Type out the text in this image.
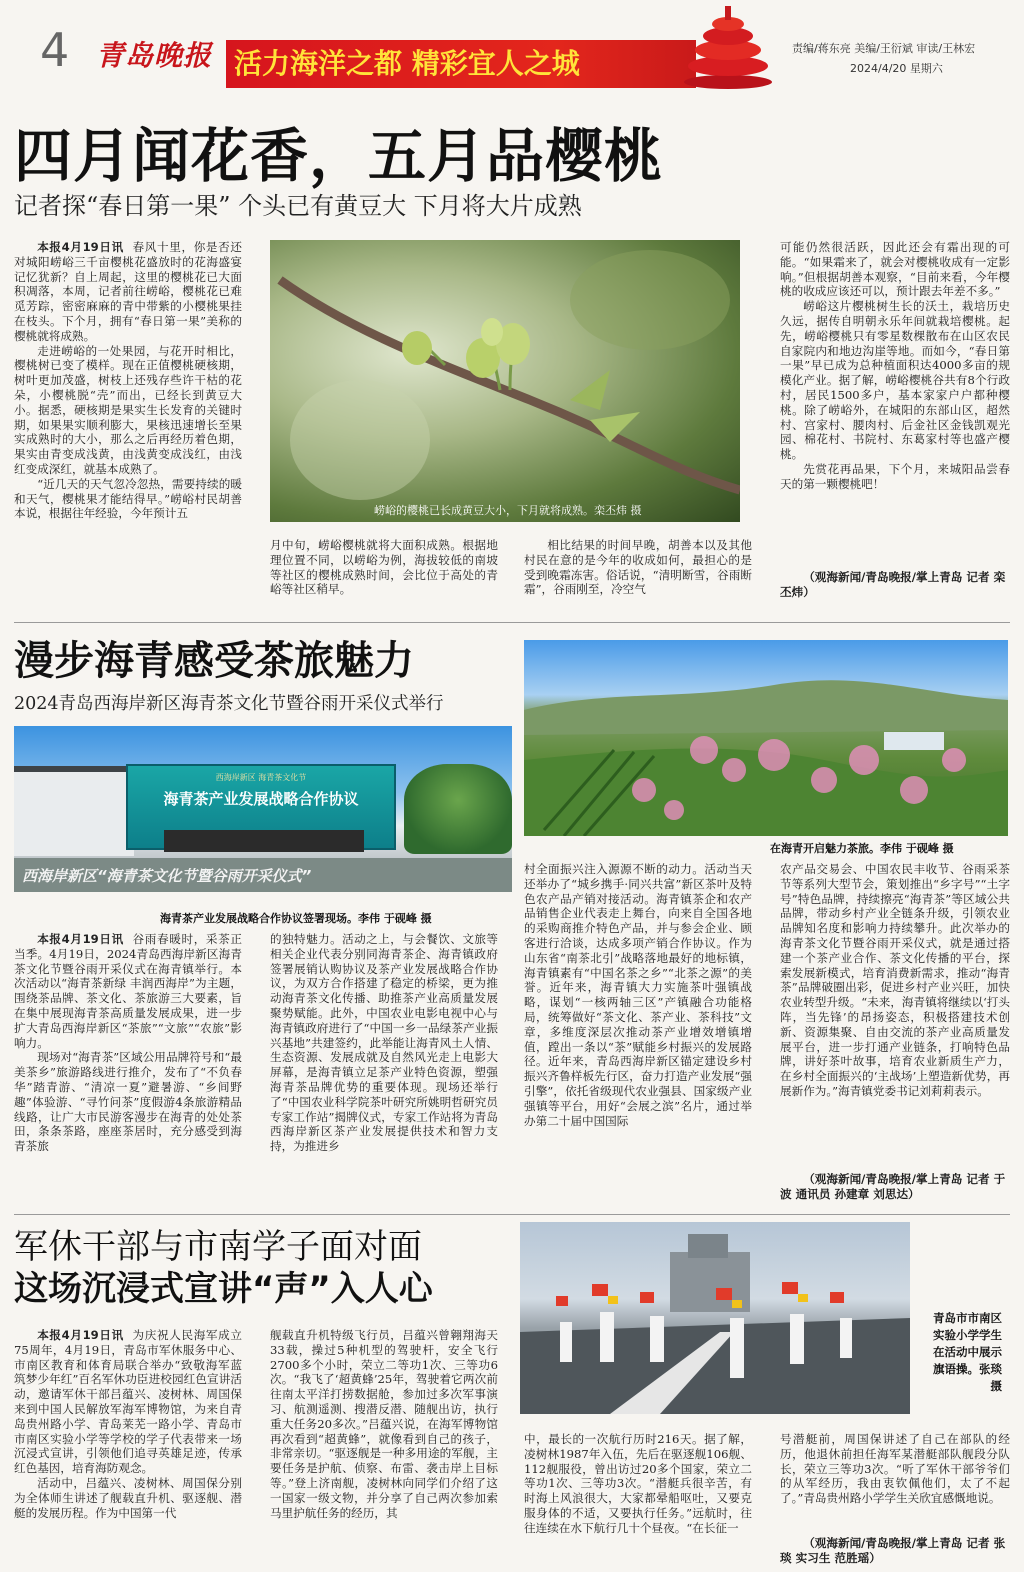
4 青岛晚报 活力海洋之都 精彩宜人之城	责编/蒋东亮 美编/王衍斌 审读/王林宏
2024/4/20 星期六
四月闻花香，五月品樱桃
记者探“春日第一果” 个头已有黄豆大 下月将大片成熟

本报4月19日讯 春风十里，你是否还对城阳崂峪三千亩樱桃花盛放时的花海盛宴记忆犹新？自上周起，这里的樱桃花已大面积凋落，本周，记者前往崂峪，樱桃花已难觅芳踪，密密麻麻的青中带紫的小樱桃果挂在枝头。下个月，拥有“春日第一果”美称的樱桃就将成熟。

走进崂峪的一处果园，与花开时相比，樱桃树已变了模样。现在正值樱桃硬核期，树叶更加茂盛，树枝上还残存些许干枯的花朵，小樱桃脱“壳”而出，已经长到黄豆大小。据悉，硬核期是果实生长发育的关键时期，如果果实顺利膨大，果核迅速增长至果实成熟时的大小，那么之后再经历着色期，果实由青变成浅黄，由浅黄变成浅红，由浅红变成深红，就基本成熟了。

“近几天的天气忽冷忽热，需要持续的暖和天气，樱桃果才能结得早。”崂峪村民胡善本说，根据往年经验，今年预计五	崂峪的樱桃已长成黄豆大小，下月就将成熟。栾丕炜 摄

月中旬，崂峪樱桃就将大面积成熟。根据地理位置不同，以崂峪为例，海拔较低的南坡等社区的樱桃成熟时间，会比位于高处的青峪等社区稍早。

相比结果的时间早晚，胡善本以及其他村民在意的是今年的收成如何，最担心的是受到晚霜冻害。俗话说，“清明断雪，谷雨断霜”，谷雨刚至，冷空气

可能仍然很活跃，因此还会有霜出现的可能。“如果霜来了，就会对樱桃收成有一定影响。”但根据胡善本观察，“目前来看，今年樱桃的收成应该还可以，预计跟去年差不多。”

崂峪这片樱桃树生长的沃土，栽培历史久远，据传自明朝永乐年间就栽培樱桃。起先，崂峪樱桃只有零星数棵散布在山区农民自家院内和地边沟崖等地。而如今，“春日第一果”早已成为总种植面积达4000多亩的规模化产业。据了解，崂峪樱桃谷共有8个行政村，居民1500多户，基本家家户户都种樱桃。除了崂峪外，在城阳的东部山区，超然村、宫家村、腰肉村、后金社区金钱凯观光园、棉花村、书院村、东葛家村等也盛产樱桃。

先赏花再品果，下个月，来城阳品尝春天的第一颗樱桃吧！

（观海新闻/青岛晚报/掌上青岛 记者 栾丕炜）
漫步海青感受茶旅魅力
2024青岛西海岸新区海青茶文化节暨谷雨开采仪式举行
西海岸新区 海青茶文化节
海青茶产业发展战略合作协议
西海岸新区“海青茶文化节暨谷雨开采仪式”
海青茶产业发展战略合作协议签署现场。李伟 于砚峰 摄
在海青开启魅力茶旅。李伟 于砚峰 摄

本报4月19日讯 谷雨春暖时，采茶正当季。4月19日，2024青岛西海岸新区海青茶文化节暨谷雨开采仪式在海青镇举行。本次活动以“海青茶新绿 丰润西海岸”为主题，围绕茶品牌、茶文化、茶旅游三大要素，旨在集中展现海青茶高质量发展成果，进一步扩大青岛西海岸新区“茶旅”“文旅”“农旅”影响力。

现场对“海青茶”区域公用品牌符号和“最美茶乡”旅游路线进行推介，发布了“不负春华”踏青游、“清凉一夏”避暑游、“乡间野趣”体验游、“寻竹问茶”度假游4条旅游精品线路，让广大市民游客漫步在海青的处处茶田，条条茶路，座座茶居时，充分感受到海青茶旅

的独特魅力。活动之上，与会餐饮、文旅等相关企业代表分别同海青茶企、海青镇政府签署展销认购协议及茶产业发展战略合作协议，为双方合作搭建了稳定的桥梁，更为推动海青茶文化传播、助推茶产业高质量发展聚势赋能。此外，中国农业电影电视中心与海青镇政府进行了“中国一乡一品绿茶产业振兴基地”共建签约，此举能让海青风土人情、生态资源、发展成就及自然风光走上电影大屏幕，是海青镇立足茶产业特色资源，塑强海青茶品牌优势的重要体现。现场还举行了“中国农业科学院茶叶研究所姚明哲研究员专家工作站”揭牌仪式，专家工作站将为青岛西海岸新区茶产业发展提供技术和智力支持，为推进乡

村全面振兴注入源源不断的动力。活动当天还举办了“城乡携手·同兴共富”新区茶叶及特色农产品产销对接活动。海青镇茶企和农产品销售企业代表走上舞台，向来自全国各地的采购商推介特色产品，并与参会企业、顾客进行洽谈，达成多项产销合作协议。作为山东省“南茶北引”战略落地最好的地标镇，海青镇素有“中国名茶之乡”“北茶之源”的美誉。近年来，海青镇大力实施茶叶强镇战略，谋划“一核两轴三区”产镇融合功能格局，统筹做好“茶文化、茶产业、茶科技”文章，多维度深层次推动茶产业增效增镇增值，蹚出一条以“茶”赋能乡村振兴的发展路径。近年来，青岛西海岸新区锚定建设乡村振兴齐鲁样板先行区，奋力打造产业发展“强引擎”，依托省级现代农业强县、国家级产业强镇等平台，用好“会展之滨”名片，通过举办第二十届中国国际

农产品交易会、中国农民丰收节、谷雨采茶节等系列大型节会，策划推出“乡字号”“土字号”特色品牌，持续擦亮“海青茶”等区域公共品牌，带动乡村产业全链条升级，引领农业品牌知名度和影响力持续攀升。此次举办的海青茶文化节暨谷雨开采仪式，就是通过搭建一个茶产业合作、茶文化传播的平台，探索发展新模式，培育消费新需求，推动“海青茶”品牌破圈出彩，促进乡村产业兴旺，加快农业转型升级。“未来，海青镇将继续以‘打头阵，当先锋’的昂扬姿态，积极搭建技术创新、资源集聚、自由交流的茶产业高质量发展平台，进一步打通产业链条，打响特色品牌，讲好茶叶故事，培育农业新质生产力，在乡村全面振兴的‘主战场’上塑造新优势，再展新作为。”海青镇党委书记刘莉莉表示。

（观海新闻/青岛晚报/掌上青岛 记者 于波 通讯员 孙建章 刘思达）
军休干部与市南学子面对面
这场沉浸式宣讲“声”入人心
青岛市市南区实验小学学生在活动中展示旗语操。张琰 摄

本报4月19日讯 为庆祝人民海军成立75周年，4月19日，青岛市军休服务中心、市南区教育和体育局联合举办“致敬海军蓝 筑梦少年红”百名军休功臣进校园红色宣讲活动，邀请军休干部吕蕴兴、凌树林、周国保来到中国人民解放军海军博物馆，为来自青岛贵州路小学、青岛莱芜一路小学、青岛市市南区实验小学等学校的学子代表带来一场沉浸式宣讲，引领他们追寻英雄足迹，传承红色基因，培育海防观念。

活动中，吕蕴兴、凌树林、周国保分别为全体师生讲述了舰载直升机、驱逐舰、潜艇的发展历程。作为中国第一代

舰载直升机特级飞行员，吕蕴兴曾翱翔海天33载，操过5种机型的驾驶杆，安全飞行2700多个小时，荣立二等功1次、三等功6次。“我飞了‘超黄蜂’25年，驾驶着它两次前往南太平洋打捞数据舱，参加过多次军事演习、航测遥测、搜潜反潜、随舰出访，执行重大任务20多次。”吕蕴兴说，在海军博物馆再次看到“超黄蜂”，就像看到自己的孩子，非常亲切。“驱逐舰是一种多用途的军舰，主要任务是护航、侦察、布雷、袭击岸上目标等。”登上济南舰，凌树林向同学们介绍了这一国家一级文物，并分享了自己两次参加索马里护航任务的经历，其

中，最长的一次航行历时216天。据了解，凌树林1987年入伍，先后在驱逐舰106舰、112舰服役，曾出访过20多个国家，荣立二等功1次、三等功3次。“潜艇兵很辛苦，有时海上风浪很大，大家都晕船呕吐，又要克服身体的不适，又要执行任务。”远航时，往往连续在水下航行几十个昼夜。“在长征一

号潜艇前，周国保讲述了自己在部队的经历，他退休前担任海军某潜艇部队舰段分队长，荣立三等功3次。“听了军休干部爷爷们的从军经历，我由衷钦佩他们，太了不起了。”青岛贵州路小学学生关欣宜感慨地说。

（观海新闻/青岛晚报/掌上青岛 记者 张琰 实习生 范胜瑶）
